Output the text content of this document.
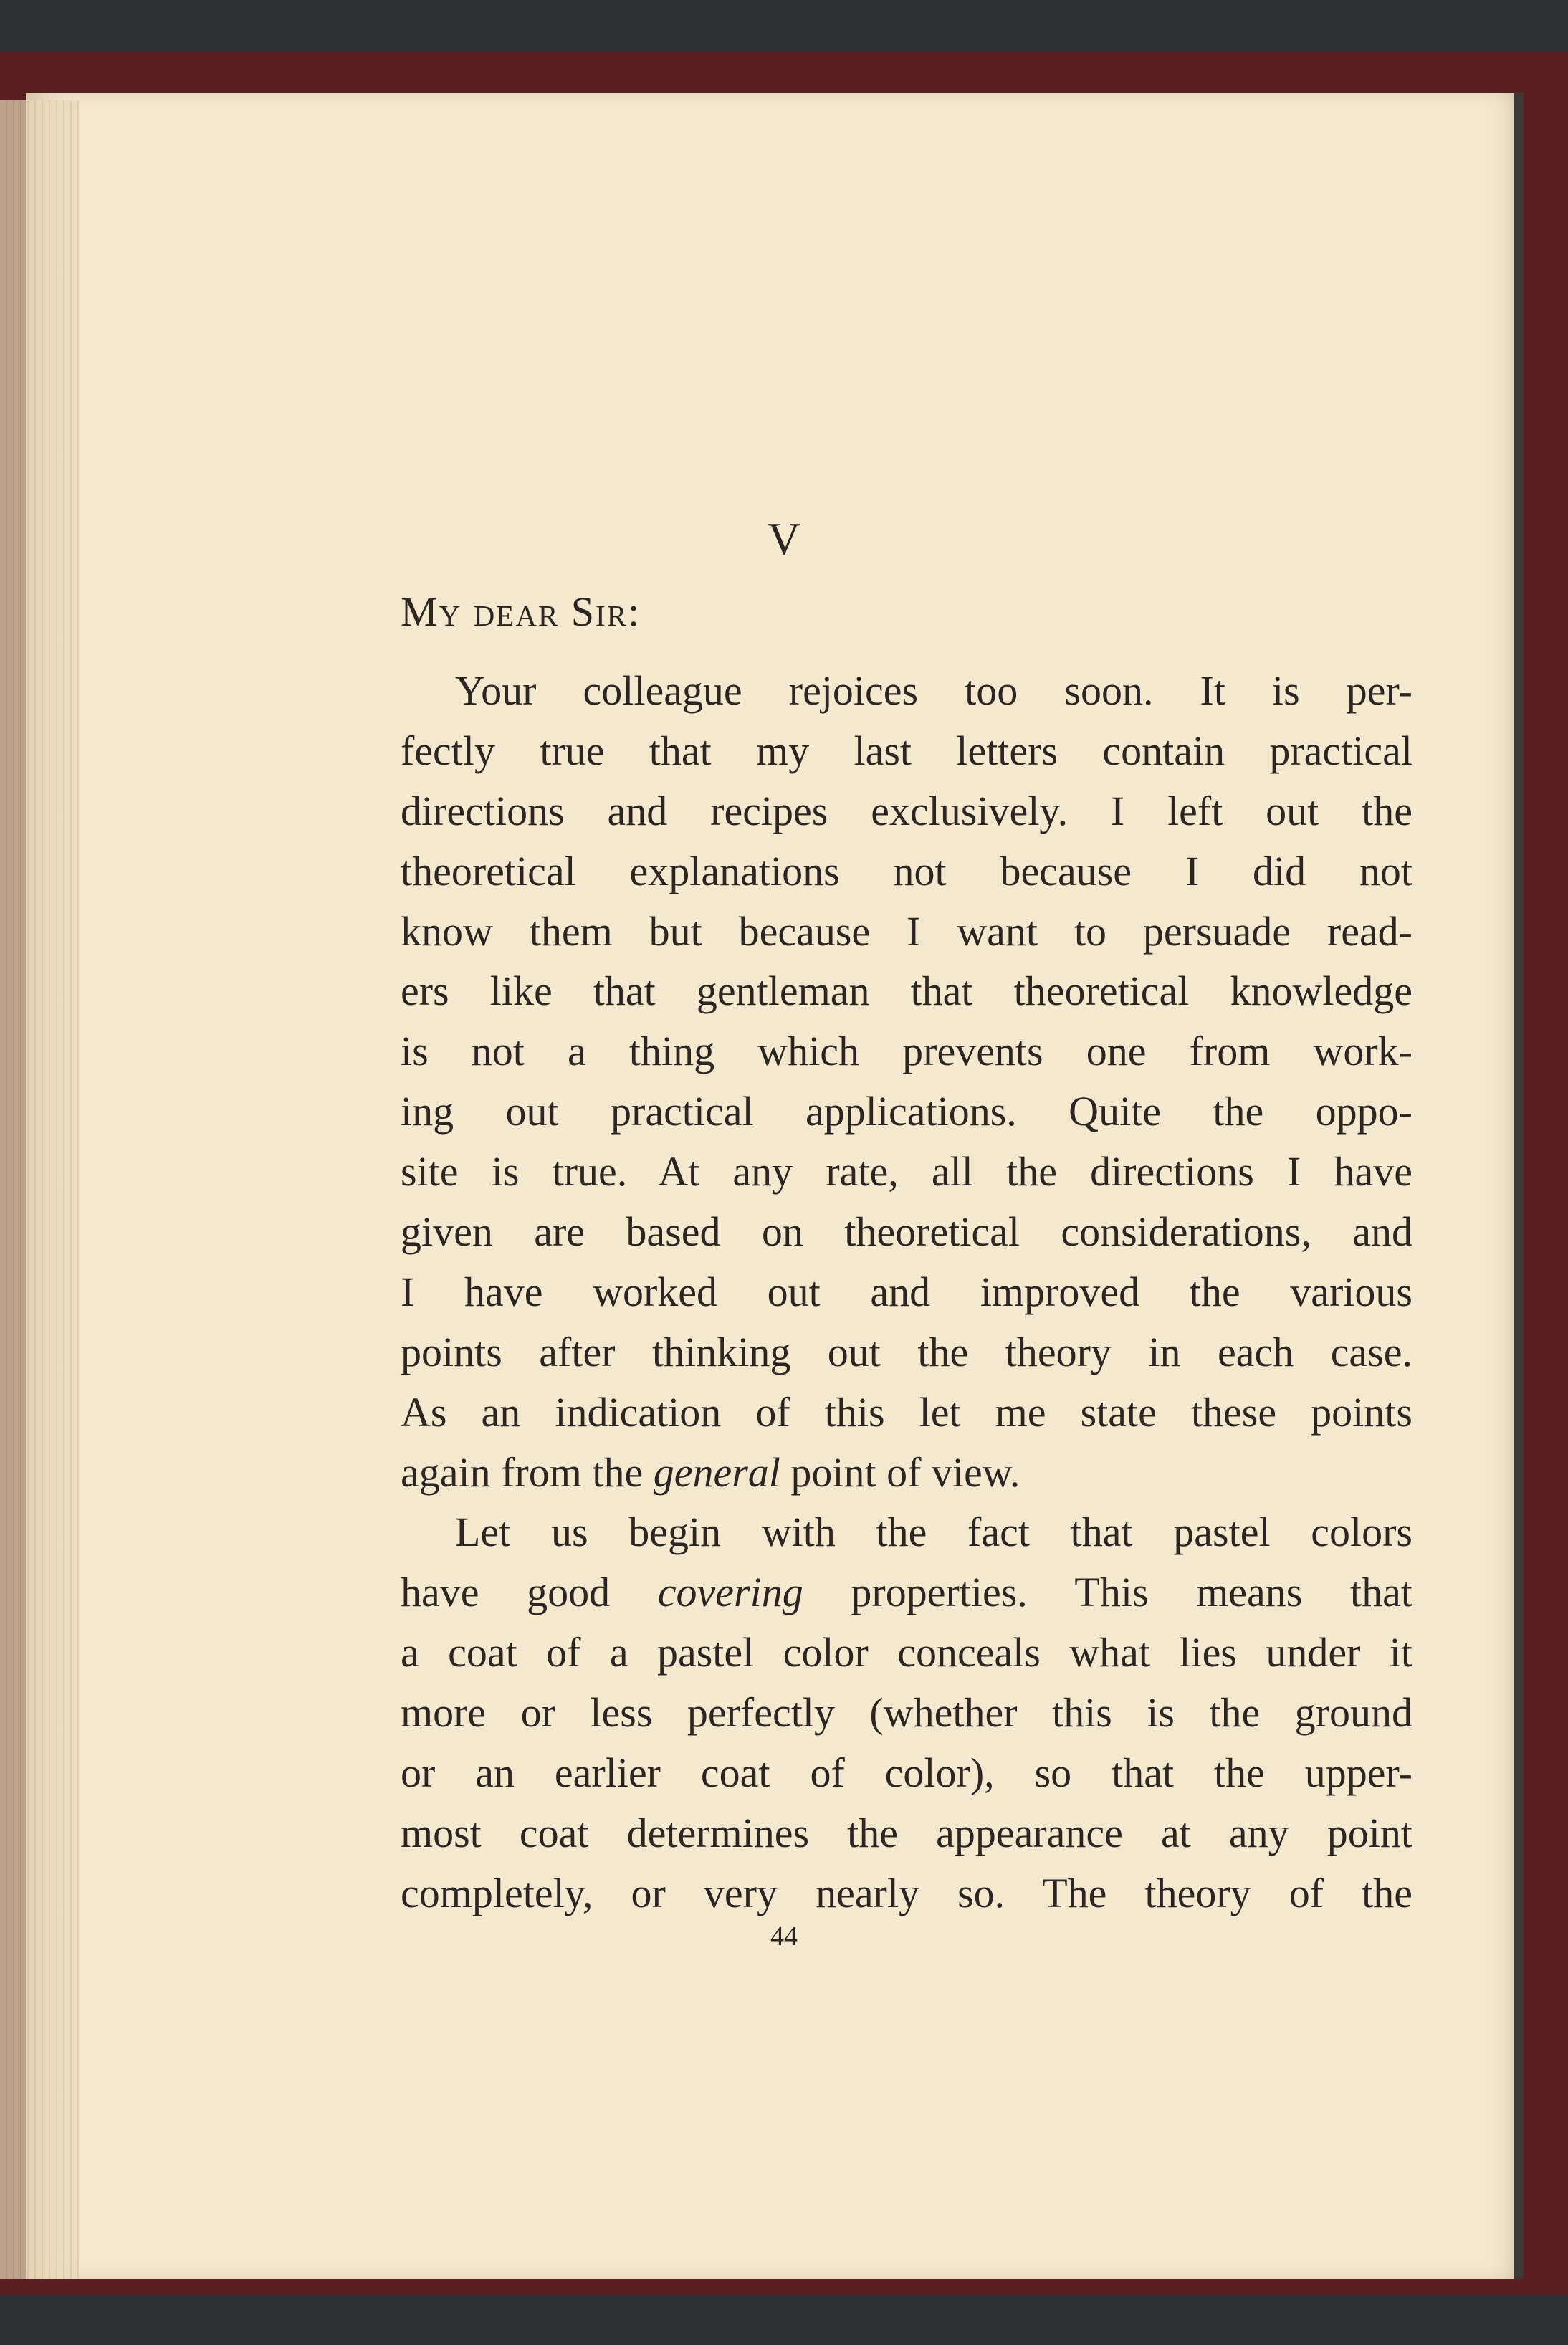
V
My dear Sir:
Your colleague rejoices too soon. It is per-
fectly true that my last letters contain practical
directions and recipes exclusively. I left out the
theoretical explanations not because I did not
know them but because I want to persuade read-
ers like that gentleman that theoretical knowledge
is not a thing which prevents one from work-
ing out practical applications. Quite the oppo-
site is true. At any rate, all the directions I have
given are based on theoretical considerations, and
I have worked out and improved the various
points after thinking out the theory in each case.
As an indication of this let me state these points
again from the general point of view.
Let us begin with the fact that pastel colors
have good covering properties. This means that
a coat of a pastel color conceals what lies under it
more or less perfectly (whether this is the ground
or an earlier coat of color), so that the upper-
most coat determines the appearance at any point
completely, or very nearly so. The theory of the
44
